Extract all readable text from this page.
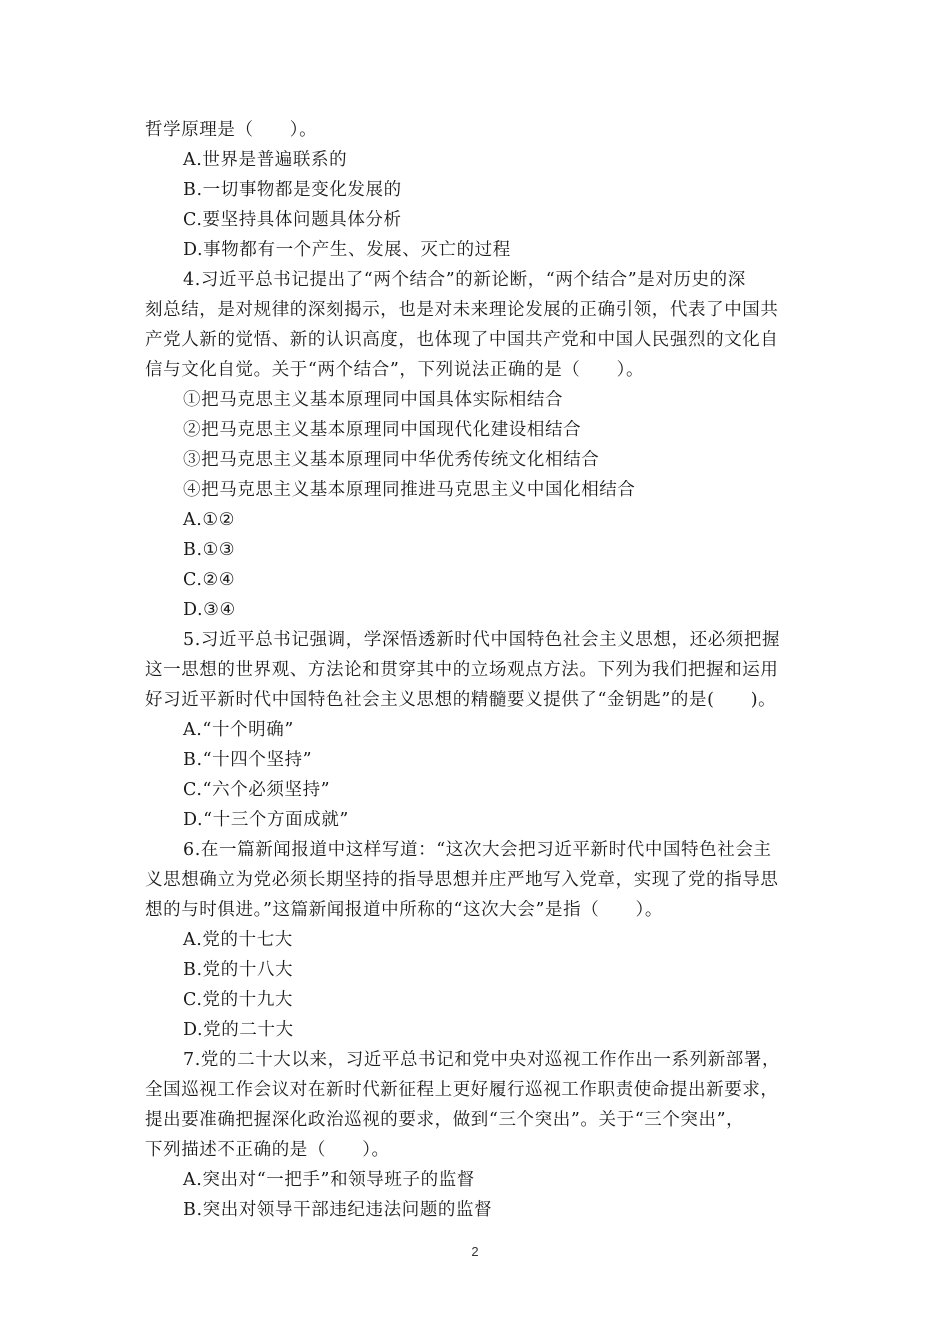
哲学原理是（　　）。
A.世界是普遍联系的
B.一切事物都是变化发展的
C.要坚持具体问题具体分析
D.事物都有一个产生、发展、灭亡的过程
4.习近平总书记提出了“两个结合”的新论断，“两个结合”是对历史的深
刻总结，是对规律的深刻揭示，也是对未来理论发展的正确引领，代表了中国共
产党人新的觉悟、新的认识高度，也体现了中国共产党和中国人民强烈的文化自
信与文化自觉。关于“两个结合”，下列说法正确的是（　　）。
①把马克思主义基本原理同中国具体实际相结合
②把马克思主义基本原理同中国现代化建设相结合
③把马克思主义基本原理同中华优秀传统文化相结合
④把马克思主义基本原理同推进马克思主义中国化相结合
A.①②
B.①③
C.②④
D.③④
5.习近平总书记强调，学深悟透新时代中国特色社会主义思想，还必须把握
这一思想的世界观、方法论和贯穿其中的立场观点方法。下列为我们把握和运用
好习近平新时代中国特色社会主义思想的精髓要义提供了“金钥匙”的是(　　)。
A.“十个明确”
B.“十四个坚持”
C.“六个必须坚持”
D.“十三个方面成就”
6.在一篇新闻报道中这样写道：“这次大会把习近平新时代中国特色社会主
义思想确立为党必须长期坚持的指导思想并庄严地写入党章，实现了党的指导思
想的与时俱进。”这篇新闻报道中所称的“这次大会”是指（　　）。
A.党的十七大
B.党的十八大
C.党的十九大
D.党的二十大
7.党的二十大以来，习近平总书记和党中央对巡视工作作出一系列新部署，
全国巡视工作会议对在新时代新征程上更好履行巡视工作职责使命提出新要求，
提出要准确把握深化政治巡视的要求，做到“三个突出”。关于“三个突出”，
下列描述不正确的是（　　）。
A.突出对“一把手”和领导班子的监督
B.突出对领导干部违纪违法问题的监督
2
